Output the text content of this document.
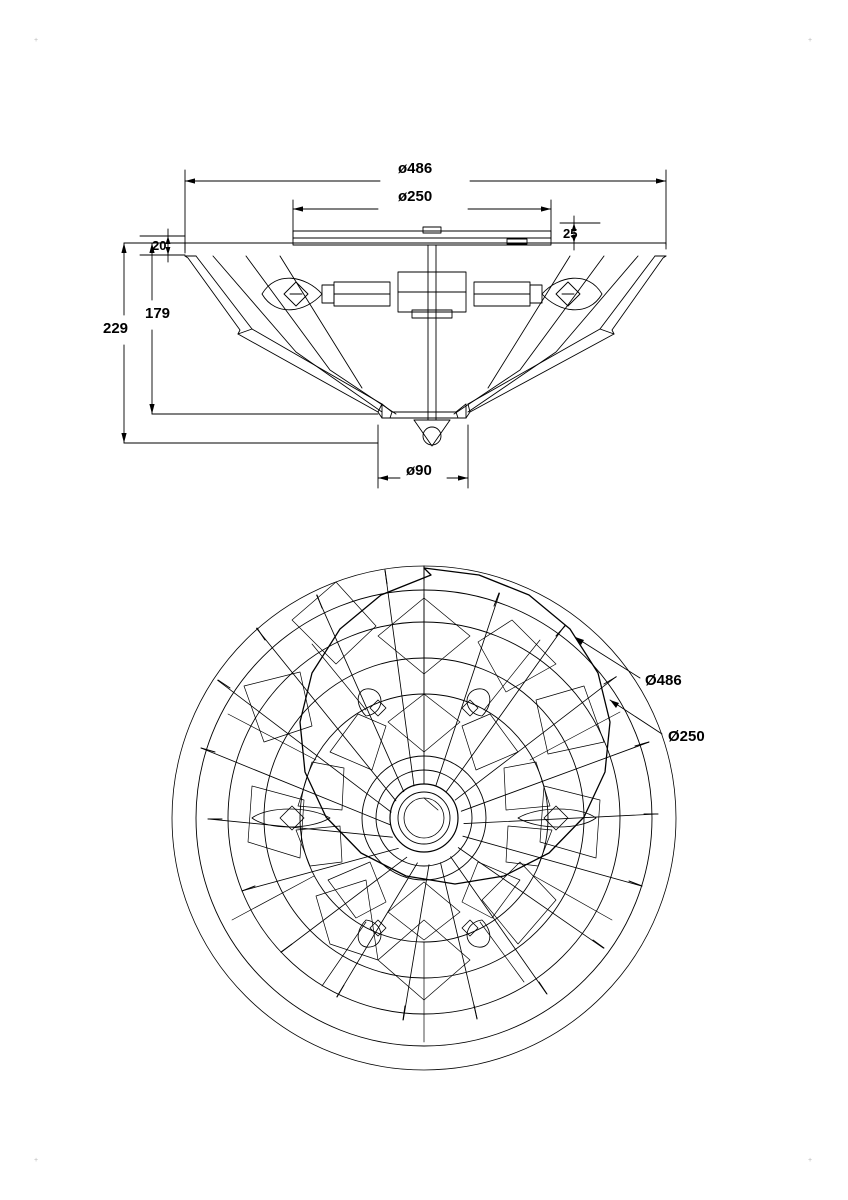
+	+
+	+
ø486
ø250
20
25
179
229
ø90
Ø486
Ø250
